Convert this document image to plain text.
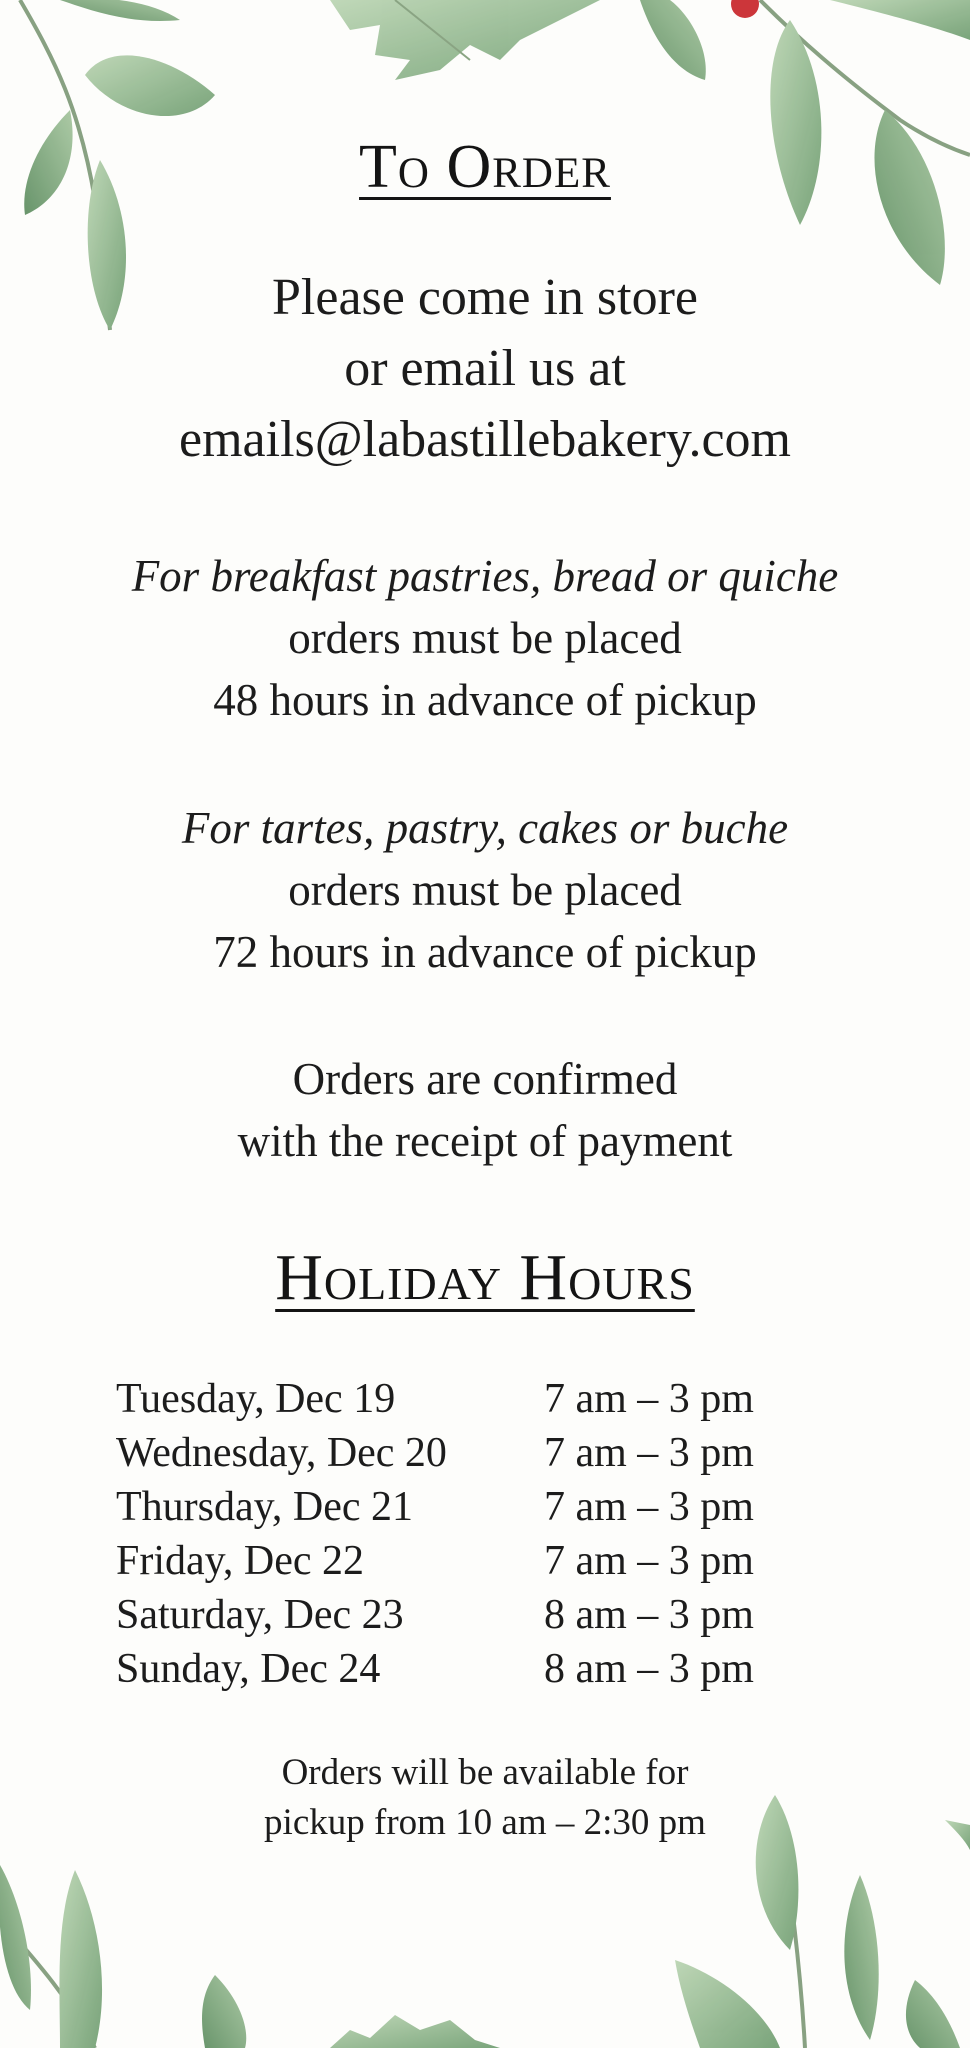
To Order
Please come in store
or email us at
emails@labastillebakery.com
For breakfast pastries, bread or quiche
orders must be placed
48 hours in advance of pickup
For tartes, pastry, cakes or buche
orders must be placed
72 hours in advance of pickup
Orders are confirmed
with the receipt of payment
Holiday Hours
Tuesday, Dec 19	7 am – 3 pm
Wednesday, Dec 20	7 am – 3 pm
Thursday, Dec 21	7 am – 3 pm
Friday, Dec 22	7 am – 3 pm
Saturday, Dec 23	8 am – 3 pm
Sunday, Dec 24	8 am – 3 pm
Orders will be available for
pickup from 10 am – 2:30 pm
